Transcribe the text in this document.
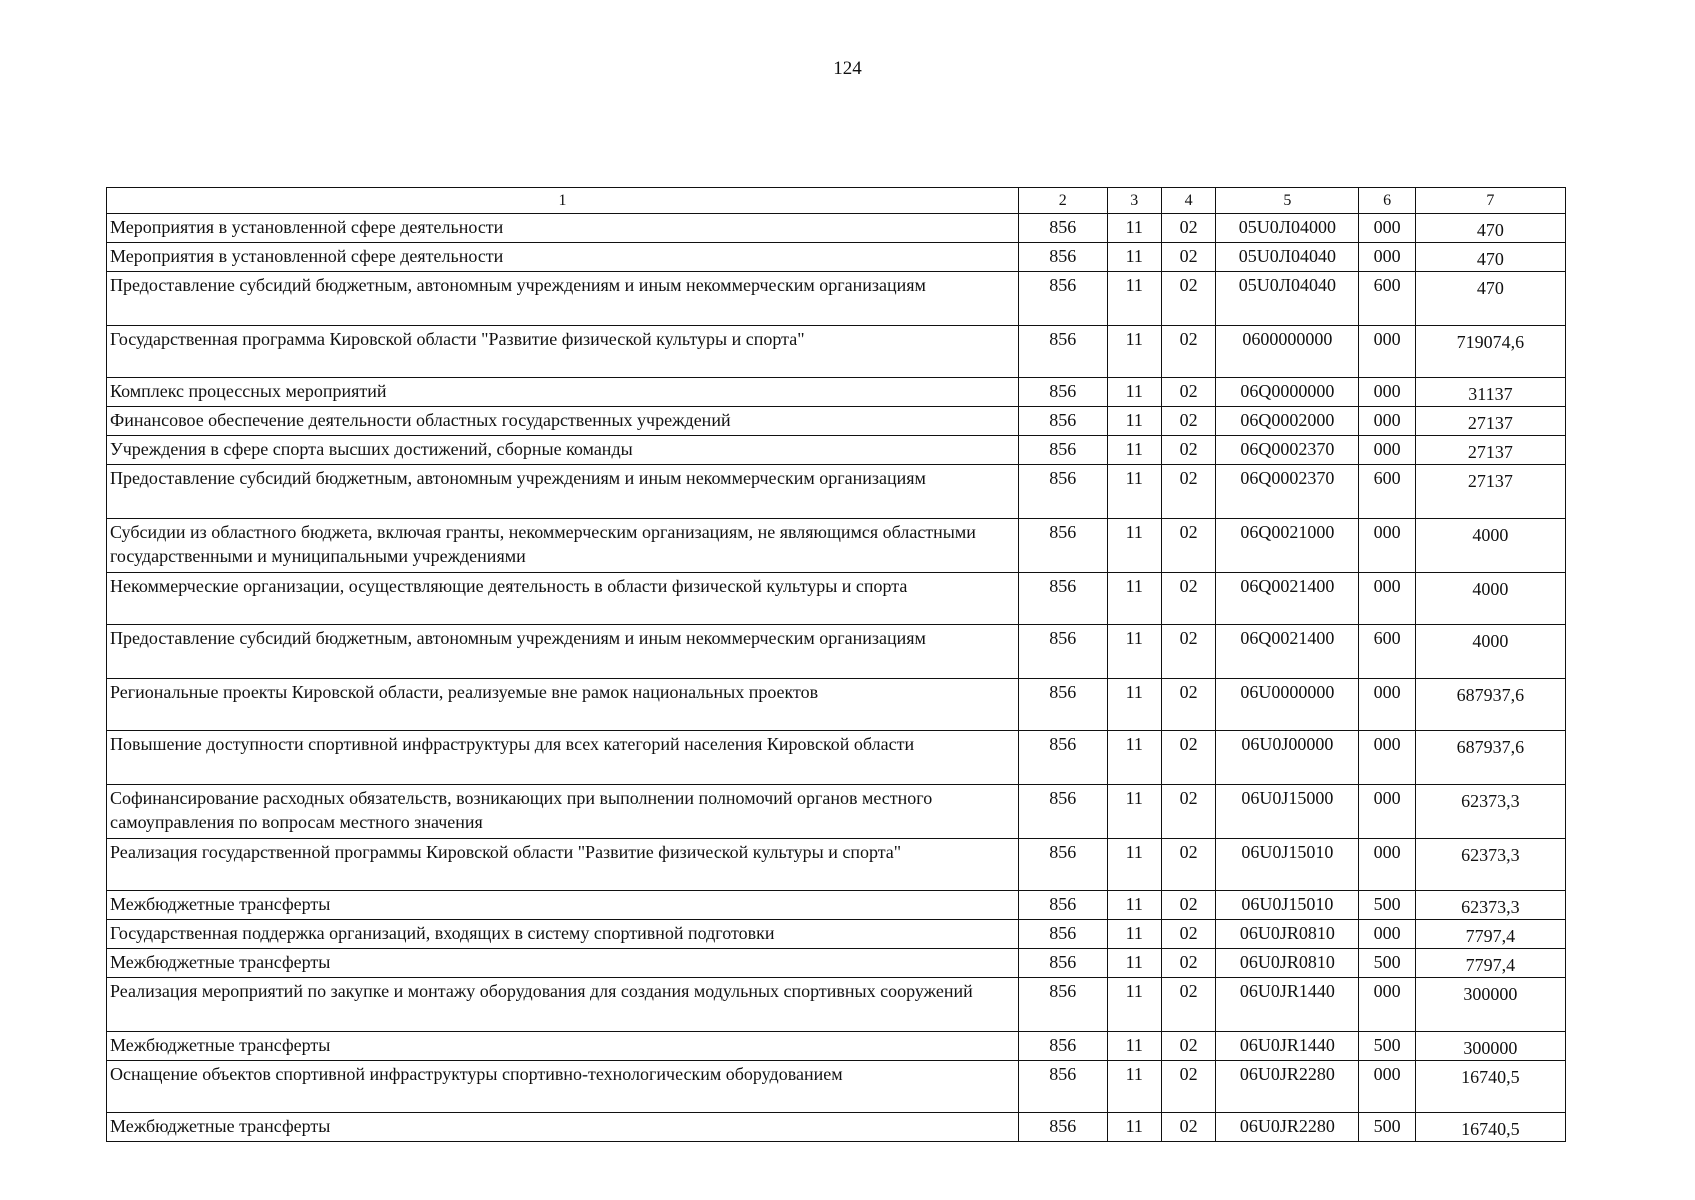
124
1	2	3	4	5	6	7
Мероприятия в установленной сфере деятельности	856	11	02	05U0Л04000	000	470
Мероприятия в установленной сфере деятельности	856	11	02	05U0Л04040	000	470
Предоставление субсидий бюджетным, автономным учреждениям и иным некоммерческим организациям	856	11	02	05U0Л04040	600	470
Государственная программа Кировской области "Развитие физической культуры и спорта"	856	11	02	0600000000	000	719074,6
Комплекс процессных мероприятий	856	11	02	06Q0000000	000	31137
Финансовое обеспечение деятельности областных государственных учреждений	856	11	02	06Q0002000	000	27137
Учреждения в сфере спорта высших достижений, сборные команды	856	11	02	06Q0002370	000	27137
Предоставление субсидий бюджетным, автономным учреждениям и иным некоммерческим организациям	856	11	02	06Q0002370	600	27137
Субсидии из областного бюджета, включая гранты, некоммерческим организациям, не являющимся областными государственными и муниципальными учреждениями	856	11	02	06Q0021000	000	4000
Некоммерческие организации, осуществляющие деятельность в области физической культуры и спорта	856	11	02	06Q0021400	000	4000
Предоставление субсидий бюджетным, автономным учреждениям и иным некоммерческим организациям	856	11	02	06Q0021400	600	4000
Региональные проекты Кировской области, реализуемые вне рамок национальных проектов	856	11	02	06U0000000	000	687937,6
Повышение доступности спортивной инфраструктуры для всех категорий населения Кировской области	856	11	02	06U0J00000	000	687937,6
Софинансирование расходных обязательств, возникающих при выполнении полномочий органов местного самоуправления по вопросам местного значения	856	11	02	06U0J15000	000	62373,3
Реализация государственной программы Кировской области "Развитие физической культуры и спорта"	856	11	02	06U0J15010	000	62373,3
Межбюджетные трансферты	856	11	02	06U0J15010	500	62373,3
Государственная поддержка организаций, входящих в систему спортивной подготовки	856	11	02	06U0JR0810	000	7797,4
Межбюджетные трансферты	856	11	02	06U0JR0810	500	7797,4
Реализация мероприятий по закупке и монтажу оборудования для создания модульных спортивных сооружений	856	11	02	06U0JR1440	000	300000
Межбюджетные трансферты	856	11	02	06U0JR1440	500	300000
Оснащение объектов спортивной инфраструктуры спортивно-технологическим оборудованием	856	11	02	06U0JR2280	000	16740,5
Межбюджетные трансферты	856	11	02	06U0JR2280	500	16740,5
